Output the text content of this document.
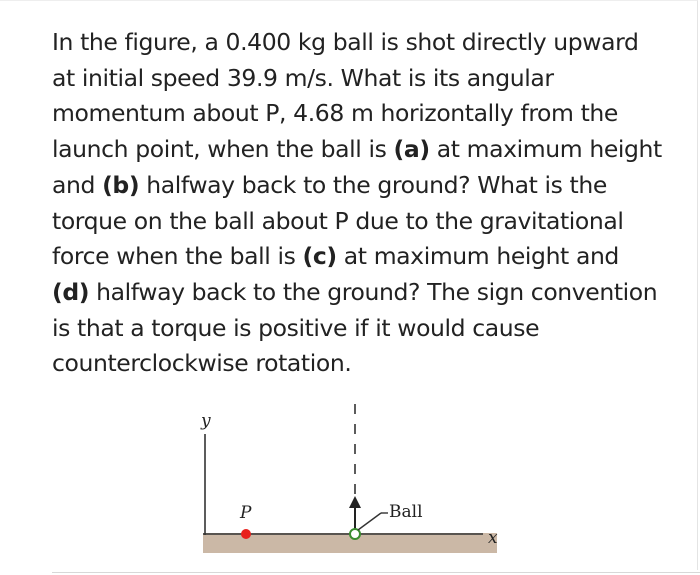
In the figure, a 0.400 kg ball is shot directly upward at initial speed 39.9 m/s. What is its angular momentum about P, 4.68 m horizontally from the launch point, when the ball is (a) at maximum height and (b) halfway back to the ground? What is the torque on the ball about P due to the gravitational force when the ball is (c) at maximum height and (d) halfway back to the ground? The sign convention is that a torque is positive if it would cause counterclockwise rotation.

y
x
P	Ball
